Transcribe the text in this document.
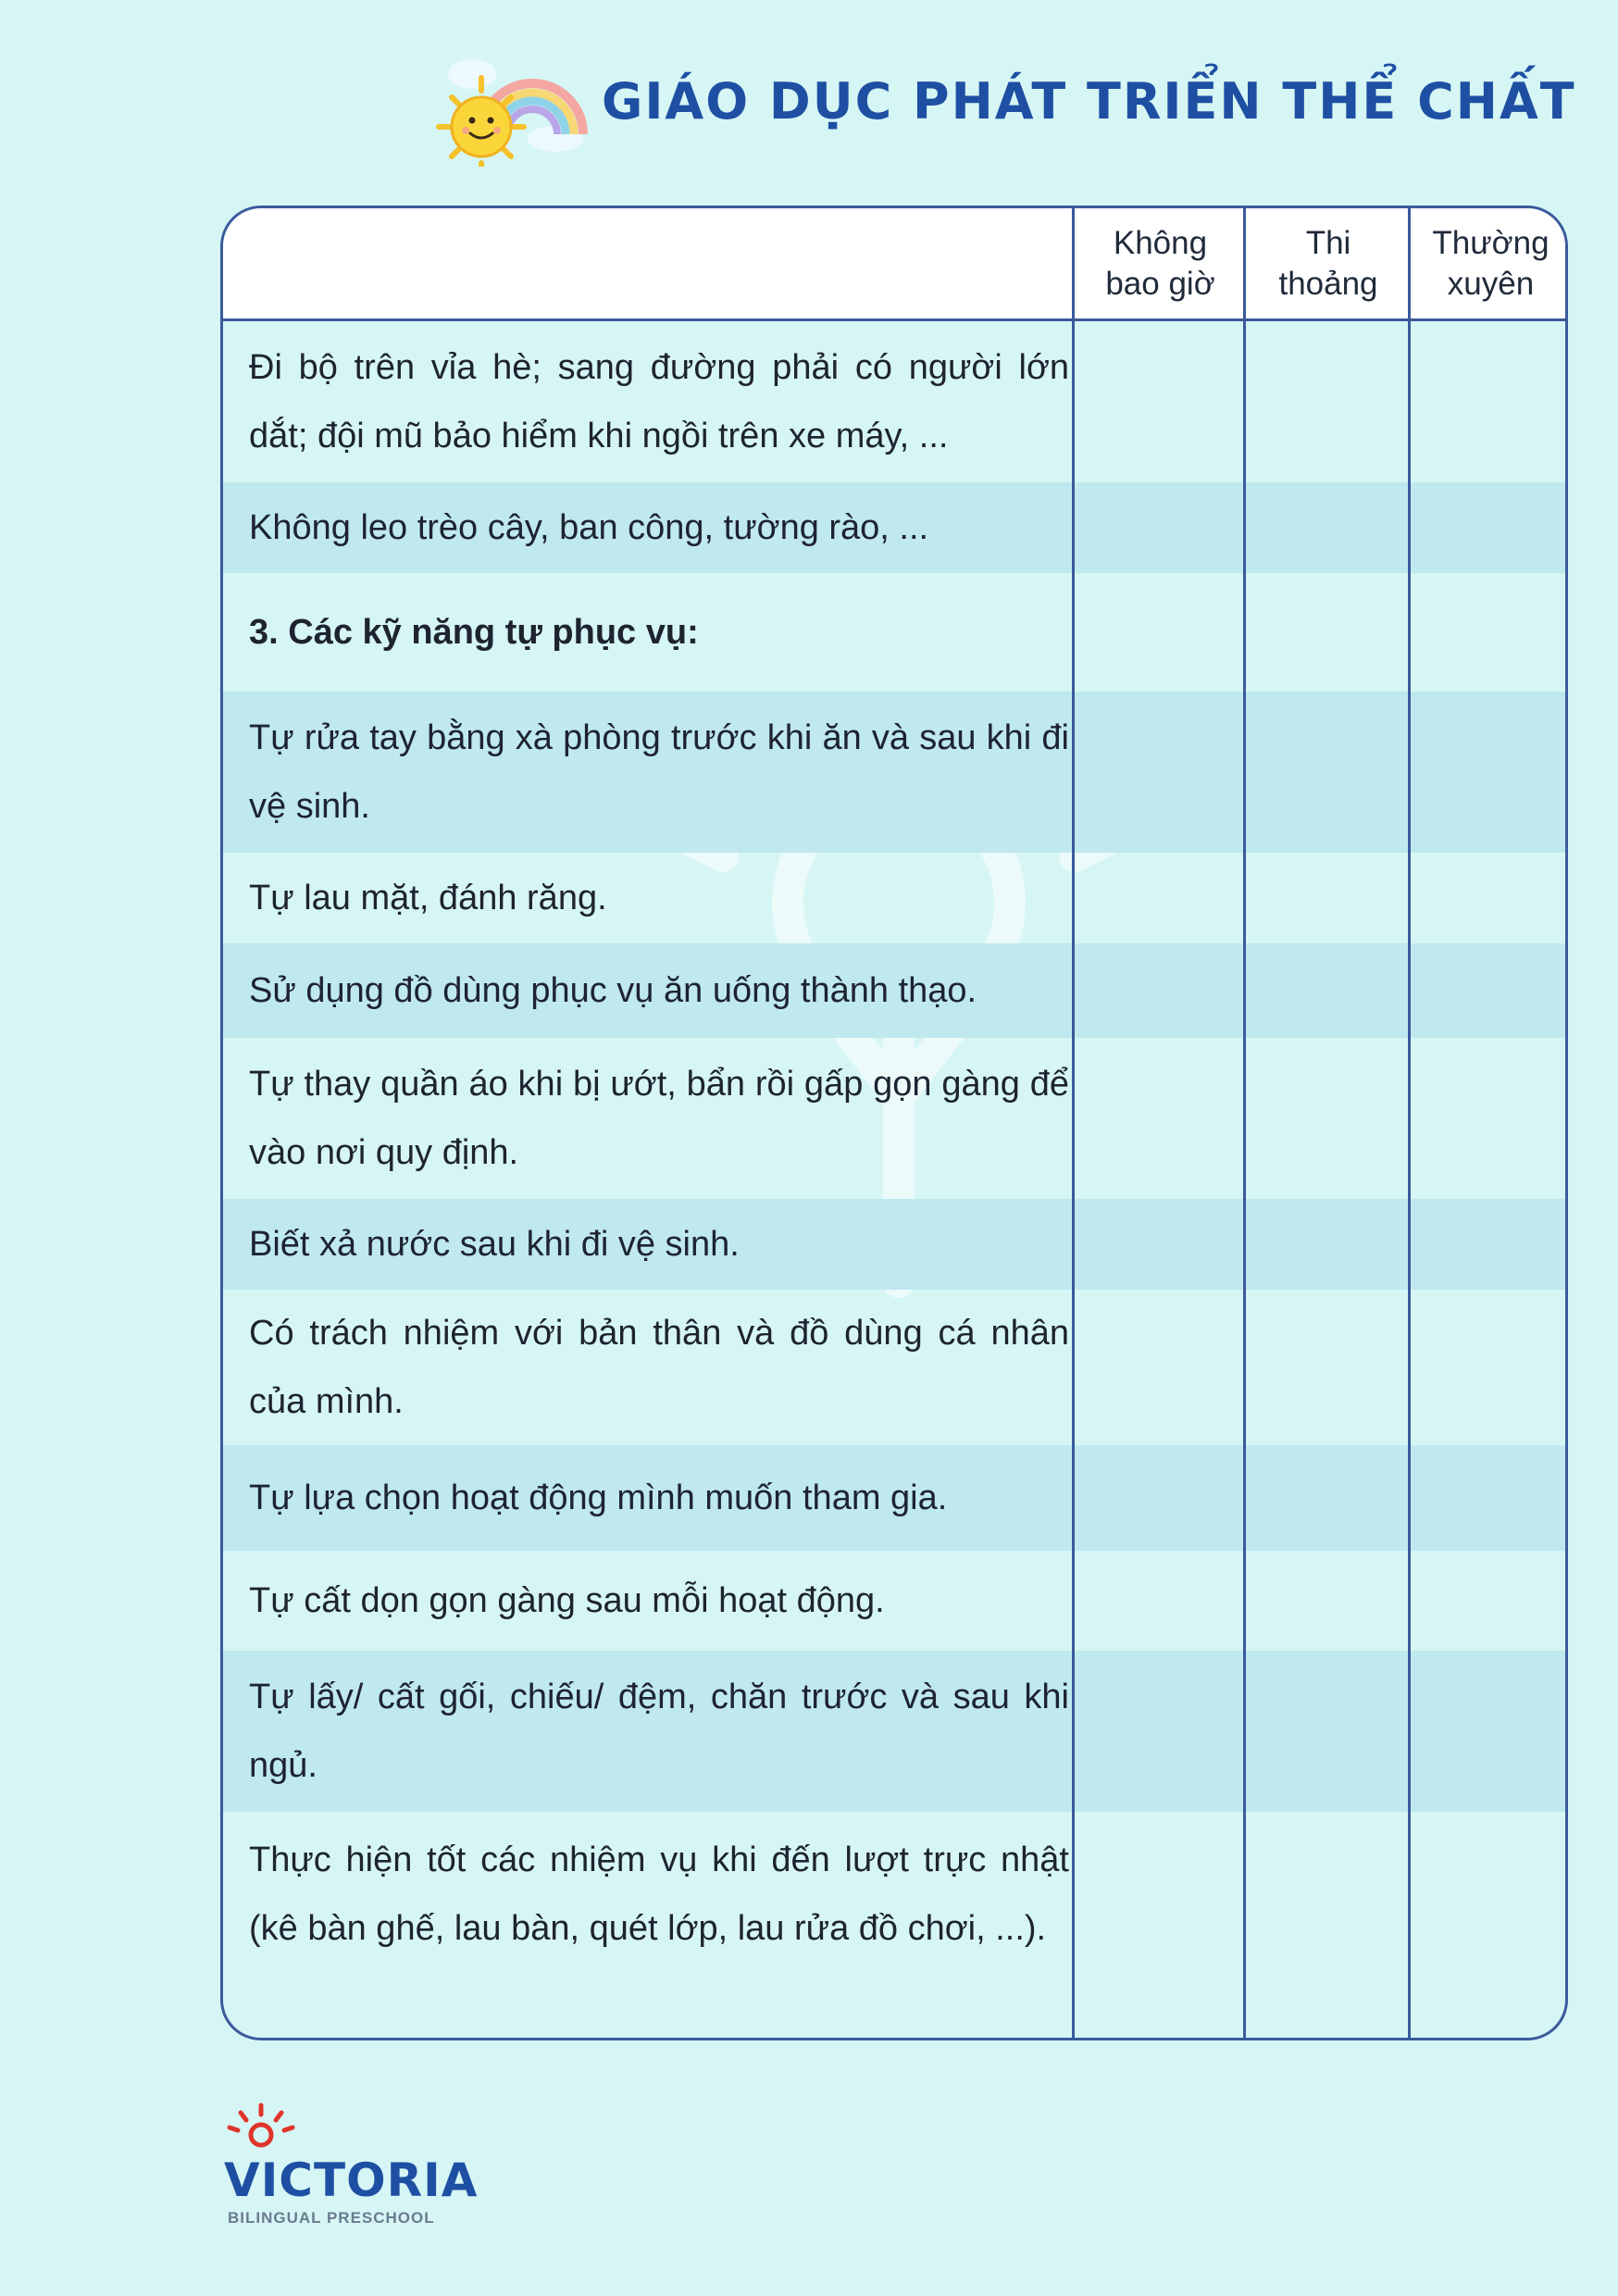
GIÁO DỤC PHÁT TRIỂN THỂ CHẤT
Không
bao giờ
Thi
thoảng
Thường
xuyên
Đi bộ trên vỉa hè; sang đường phải có người lớn dắt; đội mũ bảo hiểm khi ngồi trên xe máy, ...
Không leo trèo cây, ban công, tường rào, ...
3. Các kỹ năng tự phục vụ:
Tự rửa tay bằng xà phòng trước khi ăn và sau khi đi vệ sinh.
Tự lau mặt, đánh răng.
Sử dụng đồ dùng phục vụ ăn uống thành thạo.
Tự thay quần áo khi bị ướt, bẩn rồi gấp gọn gàng để vào nơi quy định.
Biết xả nước sau khi đi vệ sinh.
Có trách nhiệm với bản thân và đồ dùng cá nhân của mình.
Tự lựa chọn hoạt động mình muốn tham gia.
Tự cất dọn gọn gàng sau mỗi hoạt động.
Tự lấy/ cất gối, chiếu/ đệm, chăn trước và sau khi ngủ.
Thực hiện tốt các nhiệm vụ khi đến lượt trực nhật (kê bàn ghế, lau bàn, quét lớp, lau rửa đồ chơi, ...).
VICTORIA
BILINGUAL PRESCHOOL
